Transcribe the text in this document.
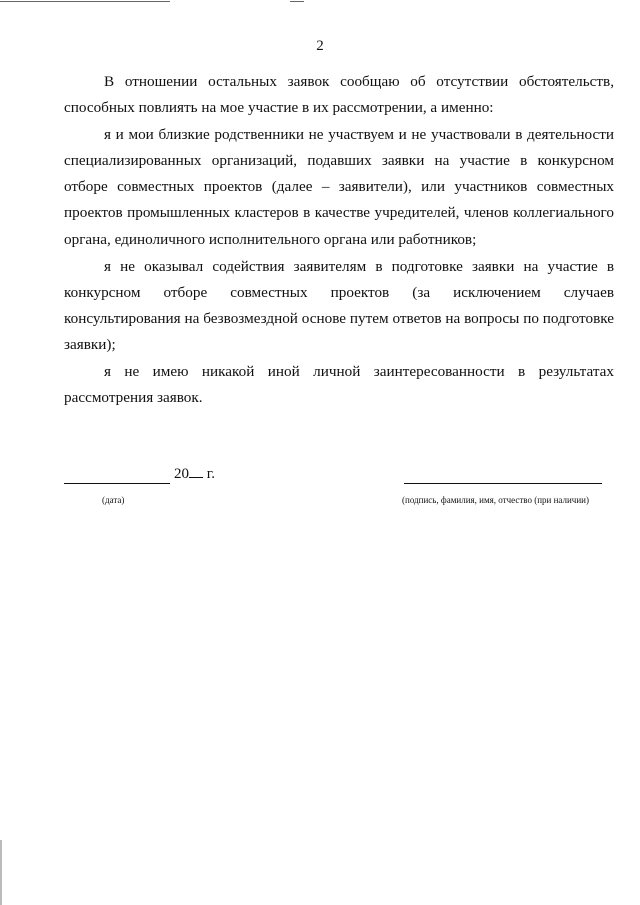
2

В отношении остальных заявок сообщаю об отсутствии обстоятельств, способных повлиять на мое участие в их рассмотрении, а именно:

я и мои близкие родственники не участвуем и не участвовали в деятельности специализированных организаций, подавших заявки на участие в конкурсном отборе совместных проектов (далее – заявители), или участников совместных проектов промышленных кластеров в качестве учредителей, членов коллегиального органа, единоличного исполнительного органа или работников;

я не оказывал содействия заявителям в подготовке заявки на участие в конкурсном отборе совместных проектов (за исключением случаев консультирования на безвозмездной основе путем ответов на вопросы по подготовке заявки);

я не имею никакой иной личной заинтересованности в результатах рассмотрения заявок.

20 г.
(дата)	(подпись, фамилия, имя, отчество (при наличии)
